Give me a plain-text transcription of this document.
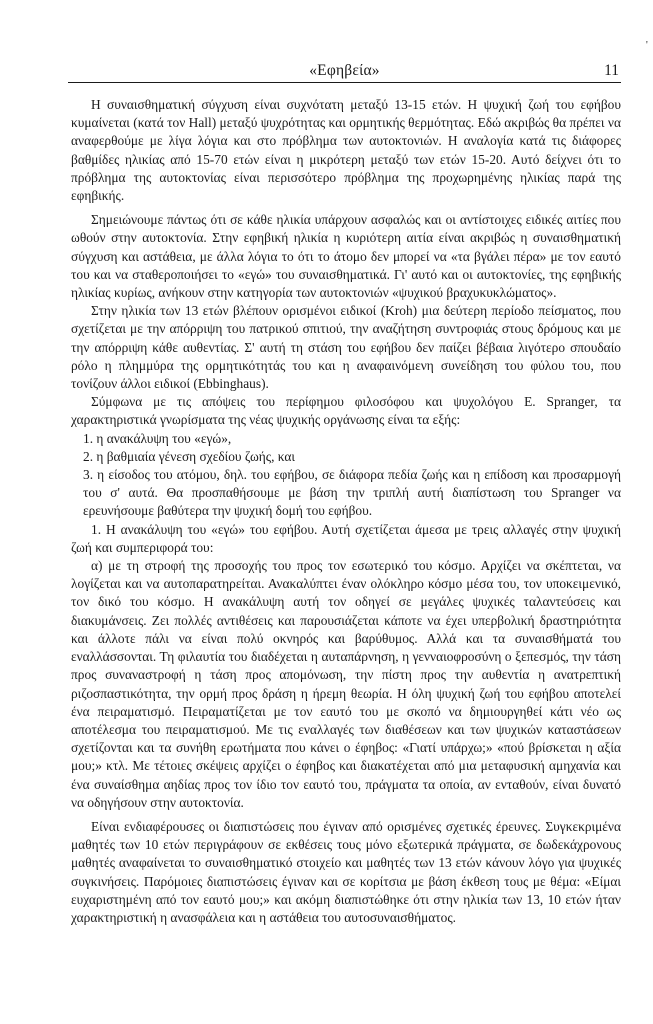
'
«Εφηβεία»	11

Η συναισθηματική σύγχυση είναι συχνότατη μεταξύ 13-15 ετών. Η ψυχική ζωή του εφήβου κυμαίνεται (κατά τον Hall) μεταξύ ψυχρότητας και ορμητικής θερμότητας. Εδώ ακριβώς θα πρέπει να αναφερθούμε με λίγα λόγια και στο πρόβλημα των αυτοκτονιών. Η αναλογία κατά τις διάφορες βαθμίδες ηλικίας από 15-70 ετών είναι η μικρότερη μεταξύ των ετών 15-20. Αυτό δείχνει ότι το πρόβλημα της αυτοκτονίας είναι περισσότερο πρόβλημα της προχωρημένης ηλικίας παρά της εφηβικής.

Σημειώνουμε πάντως ότι σε κάθε ηλικία υπάρχουν ασφαλώς και οι αντίστοιχες ειδικές αιτίες που ωθούν στην αυτοκτονία. Στην εφηβική ηλικία η κυριότερη αιτία είναι ακριβώς η συναισθηματική σύγχυση και αστάθεια, με άλλα λόγια το ότι το άτομο δεν μπορεί να «τα βγάλει πέρα» με τον εαυτό του και να σταθεροποιήσει το «εγώ» του συναισθηματικά. Γι' αυτό και οι αυτοκτονίες, της εφηβικής ηλικίας κυρίως, ανήκουν στην κατηγορία των αυτοκτονιών «ψυχικού βραχυκυκλώματος».

Στην ηλικία των 13 ετών βλέπουν ορισμένοι ειδικοί (Kroh) μια δεύτερη περίοδο πείσματος, που σχετίζεται με την απόρριψη του πατρικού σπιτιού, την αναζήτηση συντροφιάς στους δρόμους και με την απόρριψη κάθε αυθεντίας. Σ' αυτή τη στάση του εφήβου δεν παίζει βέβαια λιγότερο σπουδαίο ρόλο η πλημμύρα της ορμητικότητάς του και η αναφαινόμενη συνείδηση του φύλου του, που τονίζουν άλλοι ειδικοί (Ebbinghaus).

Σύμφωνα με τις απόψεις του περίφημου φιλοσόφου και ψυχολόγου E. Spranger, τα χαρακτηριστικά γνωρίσματα της νέας ψυχικής οργάνωσης είναι τα εξής:

1. η ανακάλυψη του «εγώ»,

2. η βαθμιαία γένεση σχεδίου ζωής, και

3. η είσοδος του ατόμου, δηλ. του εφήβου, σε διάφορα πεδία ζωής και η επίδοση και προσαρμογή του σ' αυτά. Θα προσπαθήσουμε με βάση την τριπλή αυτή διαπίστωση του Spranger να ερευνήσουμε βαθύτερα την ψυχική δομή του εφήβου.

1. Η ανακάλυψη του «εγώ» του εφήβου. Αυτή σχετίζεται άμεσα με τρεις αλλαγές στην ψυχική ζωή και συμπεριφορά του:

α) με τη στροφή της προσοχής του προς τον εσωτερικό του κόσμο. Αρχίζει να σκέπτεται, να λογίζεται και να αυτοπαρατηρείται. Ανακαλύπτει έναν ολόκληρο κόσμο μέσα του, τον υποκειμενικό, τον δικό του κόσμο. Η ανακάλυψη αυτή τον οδηγεί σε μεγάλες ψυχικές ταλαντεύσεις και διακυμάνσεις. Ζει πολλές αντιθέσεις και παρουσιάζεται κάποτε να έχει υπερβολική δραστηριότητα και άλλοτε πάλι να είναι πολύ οκνηρός και βαρύθυμος. Αλλά και τα συναισθήματά του εναλλάσσονται. Τη φιλαυτία του διαδέχεται η αυταπάρνηση, η γενναιοφροσύνη ο ξεπεσμός, την τάση προς συναναστροφή η τάση προς απομόνωση, την πίστη προς την αυθεντία η ανατρεπτική ριζοσπαστικότητα, την ορμή προς δράση η ήρεμη θεωρία. Η όλη ψυχική ζωή του εφήβου αποτελεί ένα πειραματισμό. Πειραματίζεται με τον εαυτό του με σκοπό να δημιουργηθεί κάτι νέο ως αποτέλεσμα του πειραματισμού. Με τις εναλλαγές των διαθέσεων και των ψυχικών καταστάσεων σχετίζονται και τα συνήθη ερωτήματα που κάνει ο έφηβος: «Γιατί υπάρχω;» «πού βρίσκεται η αξία μου;» κτλ. Με τέτοιες σκέψεις αρχίζει ο έφηβος και διακατέχεται από μια μεταφυσική αμηχανία και ένα συναίσθημα αηδίας προς τον ίδιο τον εαυτό του, πράγματα τα οποία, αν ενταθούν, είναι δυνατό να οδηγήσουν στην αυτοκτονία.

Είναι ενδιαφέρουσες οι διαπιστώσεις που έγιναν από ορισμένες σχετικές έρευνες. Συγκεκριμένα μαθητές των 10 ετών περιγράφουν σε εκθέσεις τους μόνο εξωτερικά πράγματα, σε δωδεκάχρονους μαθητές αναφαίνεται το συναισθηματικό στοιχείο και μαθητές των 13 ετών κάνουν λόγο για ψυχικές συγκινήσεις. Παρόμοιες διαπιστώσεις έγιναν και σε κορίτσια με βάση έκθεση τους με θέμα: «Είμαι ευχαριστημένη από τον εαυτό μου;» και ακόμη διαπιστώθηκε ότι στην ηλικία των 13, 10 ετών ήταν χαρακτηριστική η ανασφάλεια και η αστάθεια του αυτοσυναισθήματος.
